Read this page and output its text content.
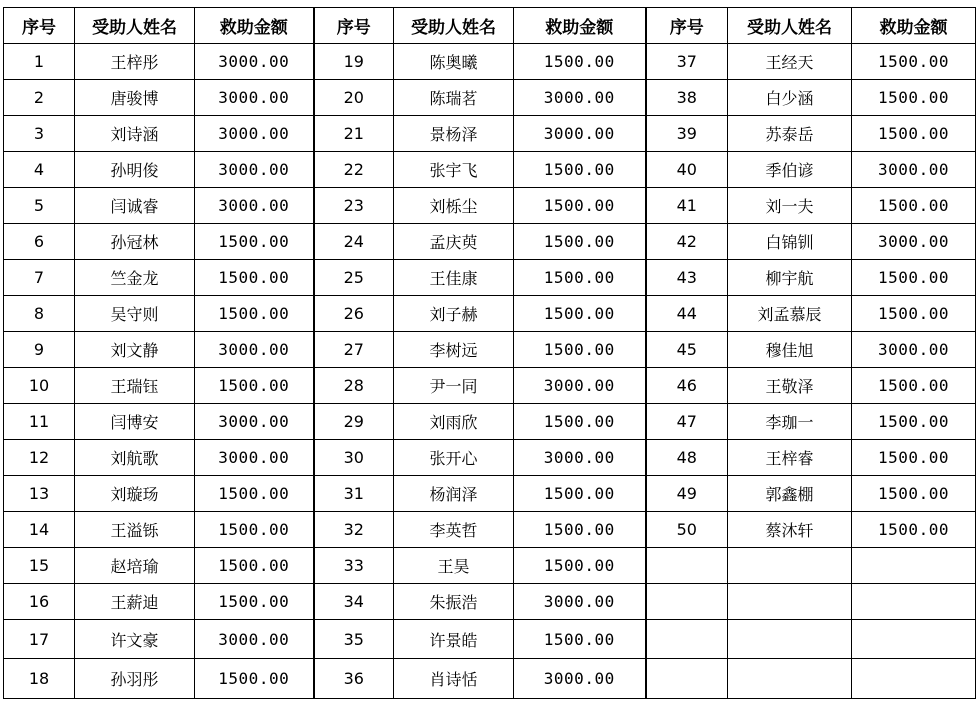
序号	受助人姓名	救助金额	序号	受助人姓名	救助金额	序号	受助人姓名	救助金额
1	王梓彤	3000.00	19	陈奥曦	1500.00	37	王经天	1500.00
2	唐骏博	3000.00	20	陈瑞茗	3000.00	38	白少涵	1500.00
3	刘诗涵	3000.00	21	景杨泽	3000.00	39	苏泰岳	1500.00
4	孙明俊	3000.00	22	张宇飞	1500.00	40	季伯谚	3000.00
5	闫诚睿	3000.00	23	刘栎尘	1500.00	41	刘一夫	1500.00
6	孙冠林	1500.00	24	孟庆萸	1500.00	42	白锦钏	3000.00
7	竺金龙	1500.00	25	王佳康	1500.00	43	柳宇航	1500.00
8	吴守则	1500.00	26	刘子赫	1500.00	44	刘孟慕辰	1500.00
9	刘文静	3000.00	27	李树远	1500.00	45	穆佳旭	3000.00
10	王瑞钰	1500.00	28	尹一同	3000.00	46	王敬泽	1500.00
11	闫博安	3000.00	29	刘雨欣	1500.00	47	李珈一	1500.00
12	刘航歌	3000.00	30	张开心	3000.00	48	王梓睿	1500.00
13	刘璇玚	1500.00	31	杨润泽	1500.00	49	郭鑫棚	1500.00
14	王溢铄	1500.00	32	李英哲	1500.00	50	蔡沐轩	1500.00
15	赵培瑜	1500.00	33	王昊	1500.00			
16	王薪迪	1500.00	34	朱振浩	3000.00			
17	许文豪	3000.00	35	许景皓	1500.00			
18	孙羽彤	1500.00	36	肖诗恬	3000.00			
